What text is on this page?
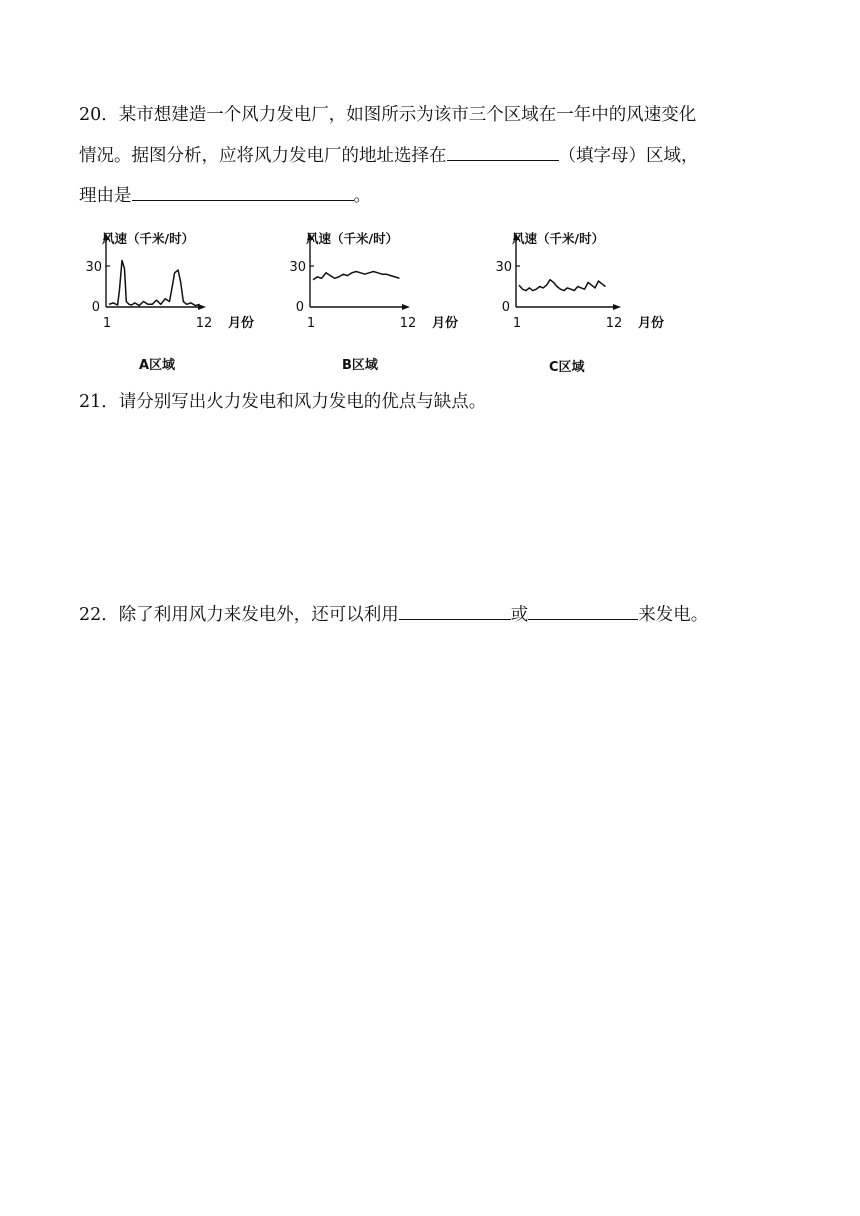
20．某市想建造一个风力发电厂，如图所示为该市三个区域在一年中的风速变化
情况。据图分析，应将风力发电厂的地址选择在	（填字母）区域，
理由是	。
风速（千米/时）
30
0
1	12 月份
风速（千米/时）
30
0
1	12 月份
风速（千米/时）
30
0
1	12 月份
A区域	B区域	C区域
21．请分别写出火力发电和风力发电的优点与缺点。
22．除了利用风力来发电外，还可以利用	或	来发电。
